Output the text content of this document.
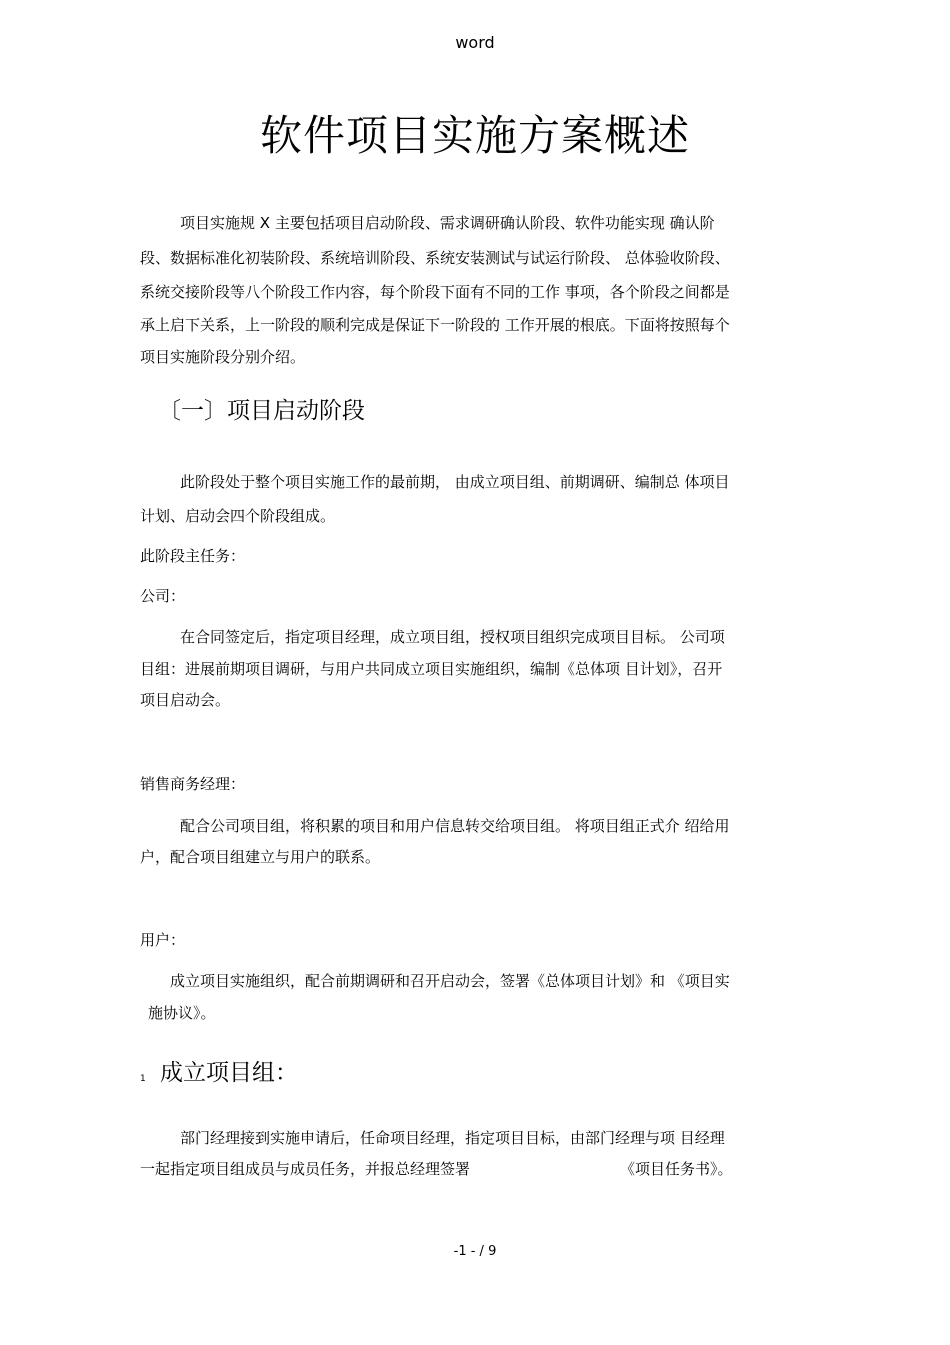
word
软件项目实施方案概述
项目实施规 X 主要包括项目启动阶段、需求调研确认阶段、软件功能实现 确认阶
段、数据标准化初装阶段、系统培训阶段、系统安装测试与试运行阶段、 总体验收阶段、
系统交接阶段等八个阶段工作内容，每个阶段下面有不同的工作 事项，各个阶段之间都是
承上启下关系，上一阶段的顺利完成是保证下一阶段的 工作开展的根底。下面将按照每个
项目实施阶段分别介绍。
〔一〕项目启动阶段
此阶段处于整个项目实施工作的最前期， 由成立项目组、前期调研、编制总 体项目
计划、启动会四个阶段组成。
此阶段主任务：
公司：
在合同签定后，指定项目经理，成立项目组，授权项目组织完成项目目标。 公司项
目组：进展前期项目调研，与用户共同成立项目实施组织，编制《总体项 目计划》，召开
项目启动会。
销售商务经理：
配合公司项目组，将积累的项目和用户信息转交给项目组。 将项目组正式介 绍给用
户，配合项目组建立与用户的联系。
用户：
成立项目实施组织，配合前期调研和召开启动会，签署《总体项目计划》和 《项目实
施协议》。
1 成立项目组：
部门经理接到实施申请后，任命项目经理，指定项目目标，由部门经理与项 目经理
一起指定项目组成员与成员任务，并报总经理签署	《项目任务书》。
-1 - / 9
